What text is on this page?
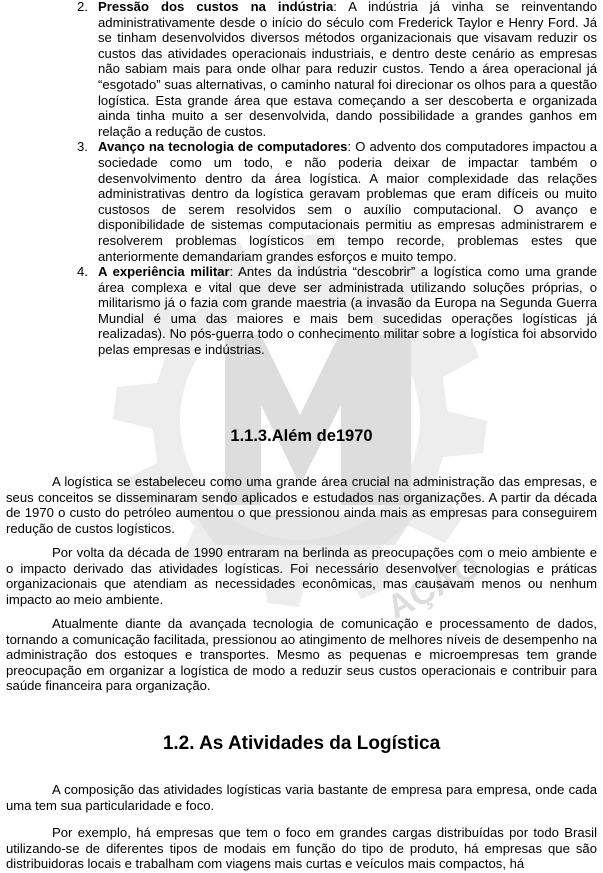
AÇÃO
2. Pressão dos custos na indústria: A indústria já vinha se reinventando administrativamente desde o início do século com Frederick Taylor e Henry Ford. Já se tinham desenvolvidos diversos métodos organizacionais que visavam reduzir os custos das atividades operacionais industriais, e dentro deste cenário as empresas não sabiam mais para onde olhar para reduzir custos. Tendo a área operacional já “esgotado” suas alternativas, o caminho natural foi direcionar os olhos para a questão logística. Esta grande área que estava começando a ser descoberta e organizada ainda tinha muito a ser desenvolvida, dando possibilidade a grandes ganhos em relação a redução de custos.
3. Avanço na tecnologia de computadores: O advento dos computadores impactou a sociedade como um todo, e não poderia deixar de impactar também o desenvolvimento dentro da área logística. A maior complexidade das relações administrativas dentro da logística geravam problemas que eram difíceis ou muito custosos de serem resolvidos sem o auxílio computacional. O avanço e disponibilidade de sistemas computacionais permitiu as empresas administrarem e resolverem problemas logísticos em tempo recorde, problemas estes que anteriormente demandariam grandes esforços e muito tempo.
4. A experiência militar: Antes da indústria “descobrir” a logística como uma grande área complexa e vital que deve ser administrada utilizando soluções próprias, o militarismo já o fazia com grande maestria (a invasão da Europa na Segunda Guerra Mundial é uma das maiores e mais bem sucedidas operações logísticas já realizadas). No pós-guerra todo o conhecimento militar sobre a logística foi absorvido pelas empresas e indústrias.
1.1.3.Além de1970

A logística se estabeleceu como uma grande área crucial na administração das empresas, e seus conceitos se disseminaram sendo aplicados e estudados nas organizações. A partir da década de 1970 o custo do petróleo aumentou o que pressionou ainda mais as empresas para conseguirem redução de custos logísticos.

Por volta da década de 1990 entraram na berlinda as preocupações com o meio ambiente e o impacto derivado das atividades logísticas. Foi necessário desenvolver tecnologias e práticas organizacionais que atendiam as necessidades econômicas, mas causavam menos ou nenhum impacto ao meio ambiente.

Atualmente diante da avançada tecnologia de comunicação e processamento de dados, tornando a comunicação facilitada, pressionou ao atingimento de melhores níveis de desempenho na administração dos estoques e transportes. Mesmo as pequenas e microempresas tem grande preocupação em organizar a logística de modo a reduzir seus custos operacionais e contribuir para saúde financeira para organização.

1.2. As Atividades da Logística

A composição das atividades logísticas varia bastante de empresa para empresa, onde cada uma tem sua particularidade e foco.

Por exemplo, há empresas que tem o foco em grandes cargas distribuídas por todo Brasil utilizando-se de diferentes tipos de modais em função do tipo de produto, há empresas que são distribuidoras locais e trabalham com viagens mais curtas e veículos mais compactos, há
